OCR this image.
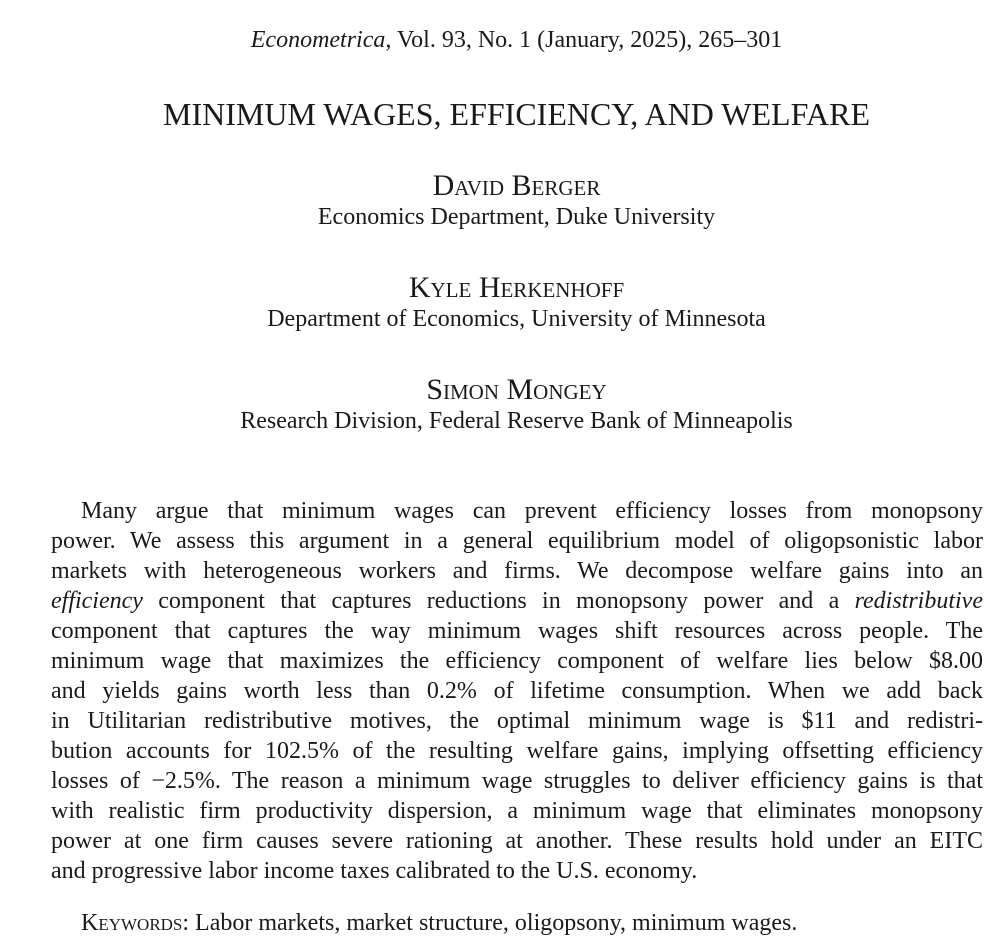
Econometrica, Vol. 93, No. 1 (January, 2025), 265–301
MINIMUM WAGES, EFFICIENCY, AND WELFARE
David Berger
Economics Department, Duke University
Kyle Herkenhoff
Department of Economics, University of Minnesota
Simon Mongey
Research Division, Federal Reserve Bank of Minneapolis
Many argue that minimum wages can prevent efficiency losses from monopsony
power. We assess this argument in a general equilibrium model of oligopsonistic labor
markets with heterogeneous workers and firms. We decompose welfare gains into an
efficiency component that captures reductions in monopsony power and a redistributive
component that captures the way minimum wages shift resources across people. The
minimum wage that maximizes the efficiency component of welfare lies below $8.00
and yields gains worth less than 0.2% of lifetime consumption. When we add back
in Utilitarian redistributive motives, the optimal minimum wage is $11 and redistri-
bution accounts for 102.5% of the resulting welfare gains, implying offsetting efficiency
losses of −2.5%. The reason a minimum wage struggles to deliver efficiency gains is that
with realistic firm productivity dispersion, a minimum wage that eliminates monopsony
power at one firm causes severe rationing at another. These results hold under an EITC
and progressive labor income taxes calibrated to the U.S. economy.
Keywords: Labor markets, market structure, oligopsony, minimum wages.
